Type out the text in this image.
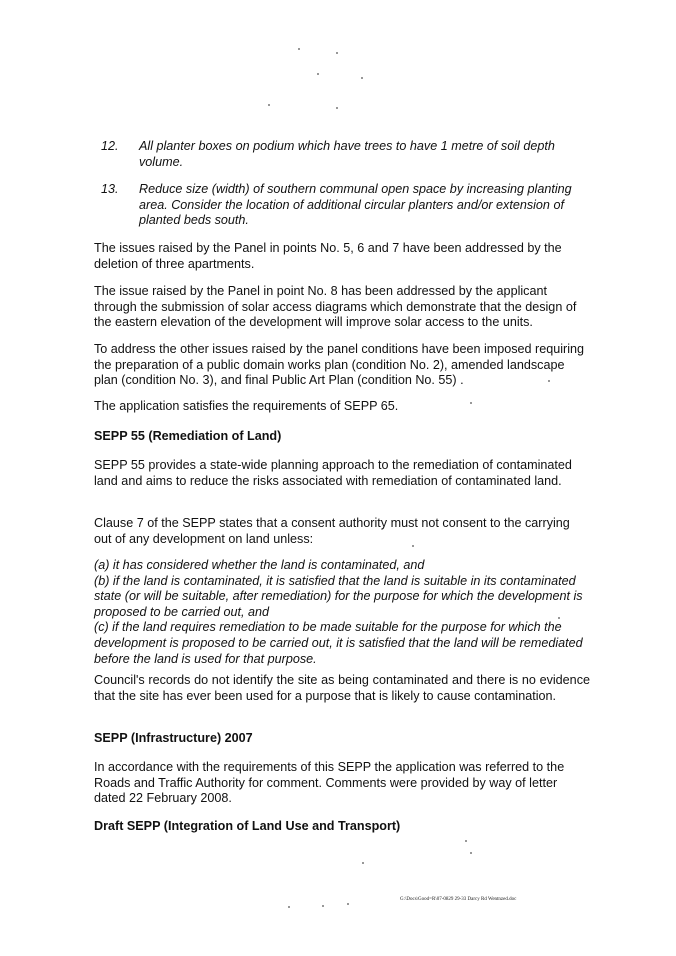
12. All planter boxes on podium which have trees to have 1 metre of soil depth volume.
13. Reduce size (width) of southern communal open space by increasing planting area. Consider the location of additional circular planters and/or extension of planted beds south.
The issues raised by the Panel in points No. 5, 6 and 7 have been addressed by the deletion of three apartments.
The issue raised by the Panel in point No. 8 has been addressed by the applicant through the submission of solar access diagrams which demonstrate that the design of the eastern elevation of the development will improve solar access to the units.
To address the other issues raised by the panel conditions have been imposed requiring the preparation of a public domain works plan (condition No. 2), amended landscape plan (condition No. 3), and final Public Art Plan (condition No. 55) .
The application satisfies the requirements of SEPP 65.
SEPP 55 (Remediation of Land)
SEPP 55 provides a state-wide planning approach to the remediation of contaminated land and aims to reduce the risks associated with remediation of contaminated land.
Clause 7 of the SEPP states that a consent authority must not consent to the carrying out of any development on land unless:
(a) it has considered whether the land is contaminated, and
(b) if the land is contaminated, it is satisfied that the land is suitable in its contaminated state (or will be suitable, after remediation) for the purpose for which the development is proposed to be carried out, and
(c) if the land requires remediation to be made suitable for the purpose for which the development is proposed to be carried out, it is satisfied that the land will be remediated before the land is used for that purpose.
Council's records do not identify the site as being contaminated and there is no evidence that the site has ever been used for a purpose that is likely to cause contamination.
SEPP (Infrastructure) 2007
In accordance with the requirements of this SEPP the application was referred to the Roads and Traffic Authority for comment. Comments were provided by way of letter dated 22 February 2008.
Draft SEPP (Integration of Land Use and Transport)
G:\Docs\Good=R\07-0829 29-33 Darcy Rd Wentnzed.doc
